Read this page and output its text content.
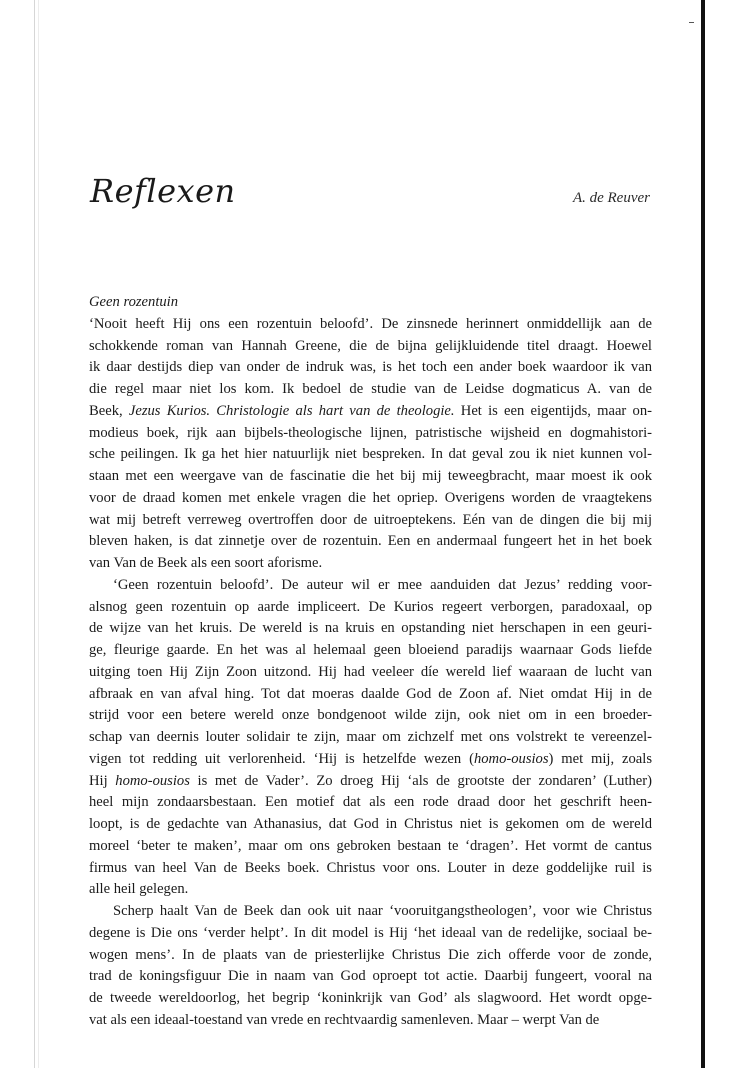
Reflexen	A. de Reuver
Geen rozentuin
‘Nooit heeft Hij ons een rozentuin beloofd’. De zinsnede herinnert onmiddellijk aan de
schokkende roman van Hannah Greene, die de bijna gelijkluidende titel draagt. Hoewel
ik daar destijds diep van onder de indruk was, is het toch een ander boek waardoor ik van
die regel maar niet los kom. Ik bedoel de studie van de Leidse dogmaticus A. van de
Beek, Jezus Kurios. Christologie als hart van de theologie. Het is een eigentijds, maar on-
modieus boek, rijk aan bijbels-theologische lijnen, patristische wijsheid en dogmahistori-
sche peilingen. Ik ga het hier natuurlijk niet bespreken. In dat geval zou ik niet kunnen vol-
staan met een weergave van de fascinatie die het bij mij teweegbracht, maar moest ik ook
voor de draad komen met enkele vragen die het opriep. Overigens worden de vraagtekens
wat mij betreft verreweg overtroffen door de uitroeptekens. Eén van de dingen die bij mij
bleven haken, is dat zinnetje over de rozentuin. Een en andermaal fungeert het in het boek
van Van de Beek als een soort aforisme.
‘Geen rozentuin beloofd’. De auteur wil er mee aanduiden dat Jezus’ redding voor-
alsnog geen rozentuin op aarde impliceert. De Kurios regeert verborgen, paradoxaal, op
de wijze van het kruis. De wereld is na kruis en opstanding niet herschapen in een geuri-
ge, fleurige gaarde. En het was al helemaal geen bloeiend paradijs waarnaar Gods liefde
uitging toen Hij Zijn Zoon uitzond. Hij had veeleer díe wereld lief waaraan de lucht van
afbraak en van afval hing. Tot dat moeras daalde God de Zoon af. Niet omdat Hij in de
strijd voor een betere wereld onze bondgenoot wilde zijn, ook niet om in een broeder-
schap van deernis louter solidair te zijn, maar om zichzelf met ons volstrekt te vereenzel-
vigen tot redding uit verlorenheid. ‘Hij is hetzelfde wezen (homo-ousios) met mij, zoals
Hij homo-ousios is met de Vader’. Zo droeg Hij ‘als de grootste der zondaren’ (Luther)
heel mijn zondaarsbestaan. Een motief dat als een rode draad door het geschrift heen-
loopt, is de gedachte van Athanasius, dat God in Christus niet is gekomen om de wereld
moreel ‘beter te maken’, maar om ons gebroken bestaan te ‘dragen’. Het vormt de cantus
firmus van heel Van de Beeks boek. Christus voor ons. Louter in deze goddelijke ruil is
alle heil gelegen.
Scherp haalt Van de Beek dan ook uit naar ‘vooruitgangstheologen’, voor wie Christus
degene is Die ons ‘verder helpt’. In dit model is Hij ‘het ideaal van de redelijke, sociaal be-
wogen mens’. In de plaats van de priesterlijke Christus Die zich offerde voor de zonde,
trad de koningsfiguur Die in naam van God oproept tot actie. Daarbij fungeert, vooral na
de tweede wereldoorlog, het begrip ‘koninkrijk van God’ als slagwoord. Het wordt opge-
vat als een ideaal-toestand van vrede en rechtvaardig samenleven. Maar – werpt Van de
